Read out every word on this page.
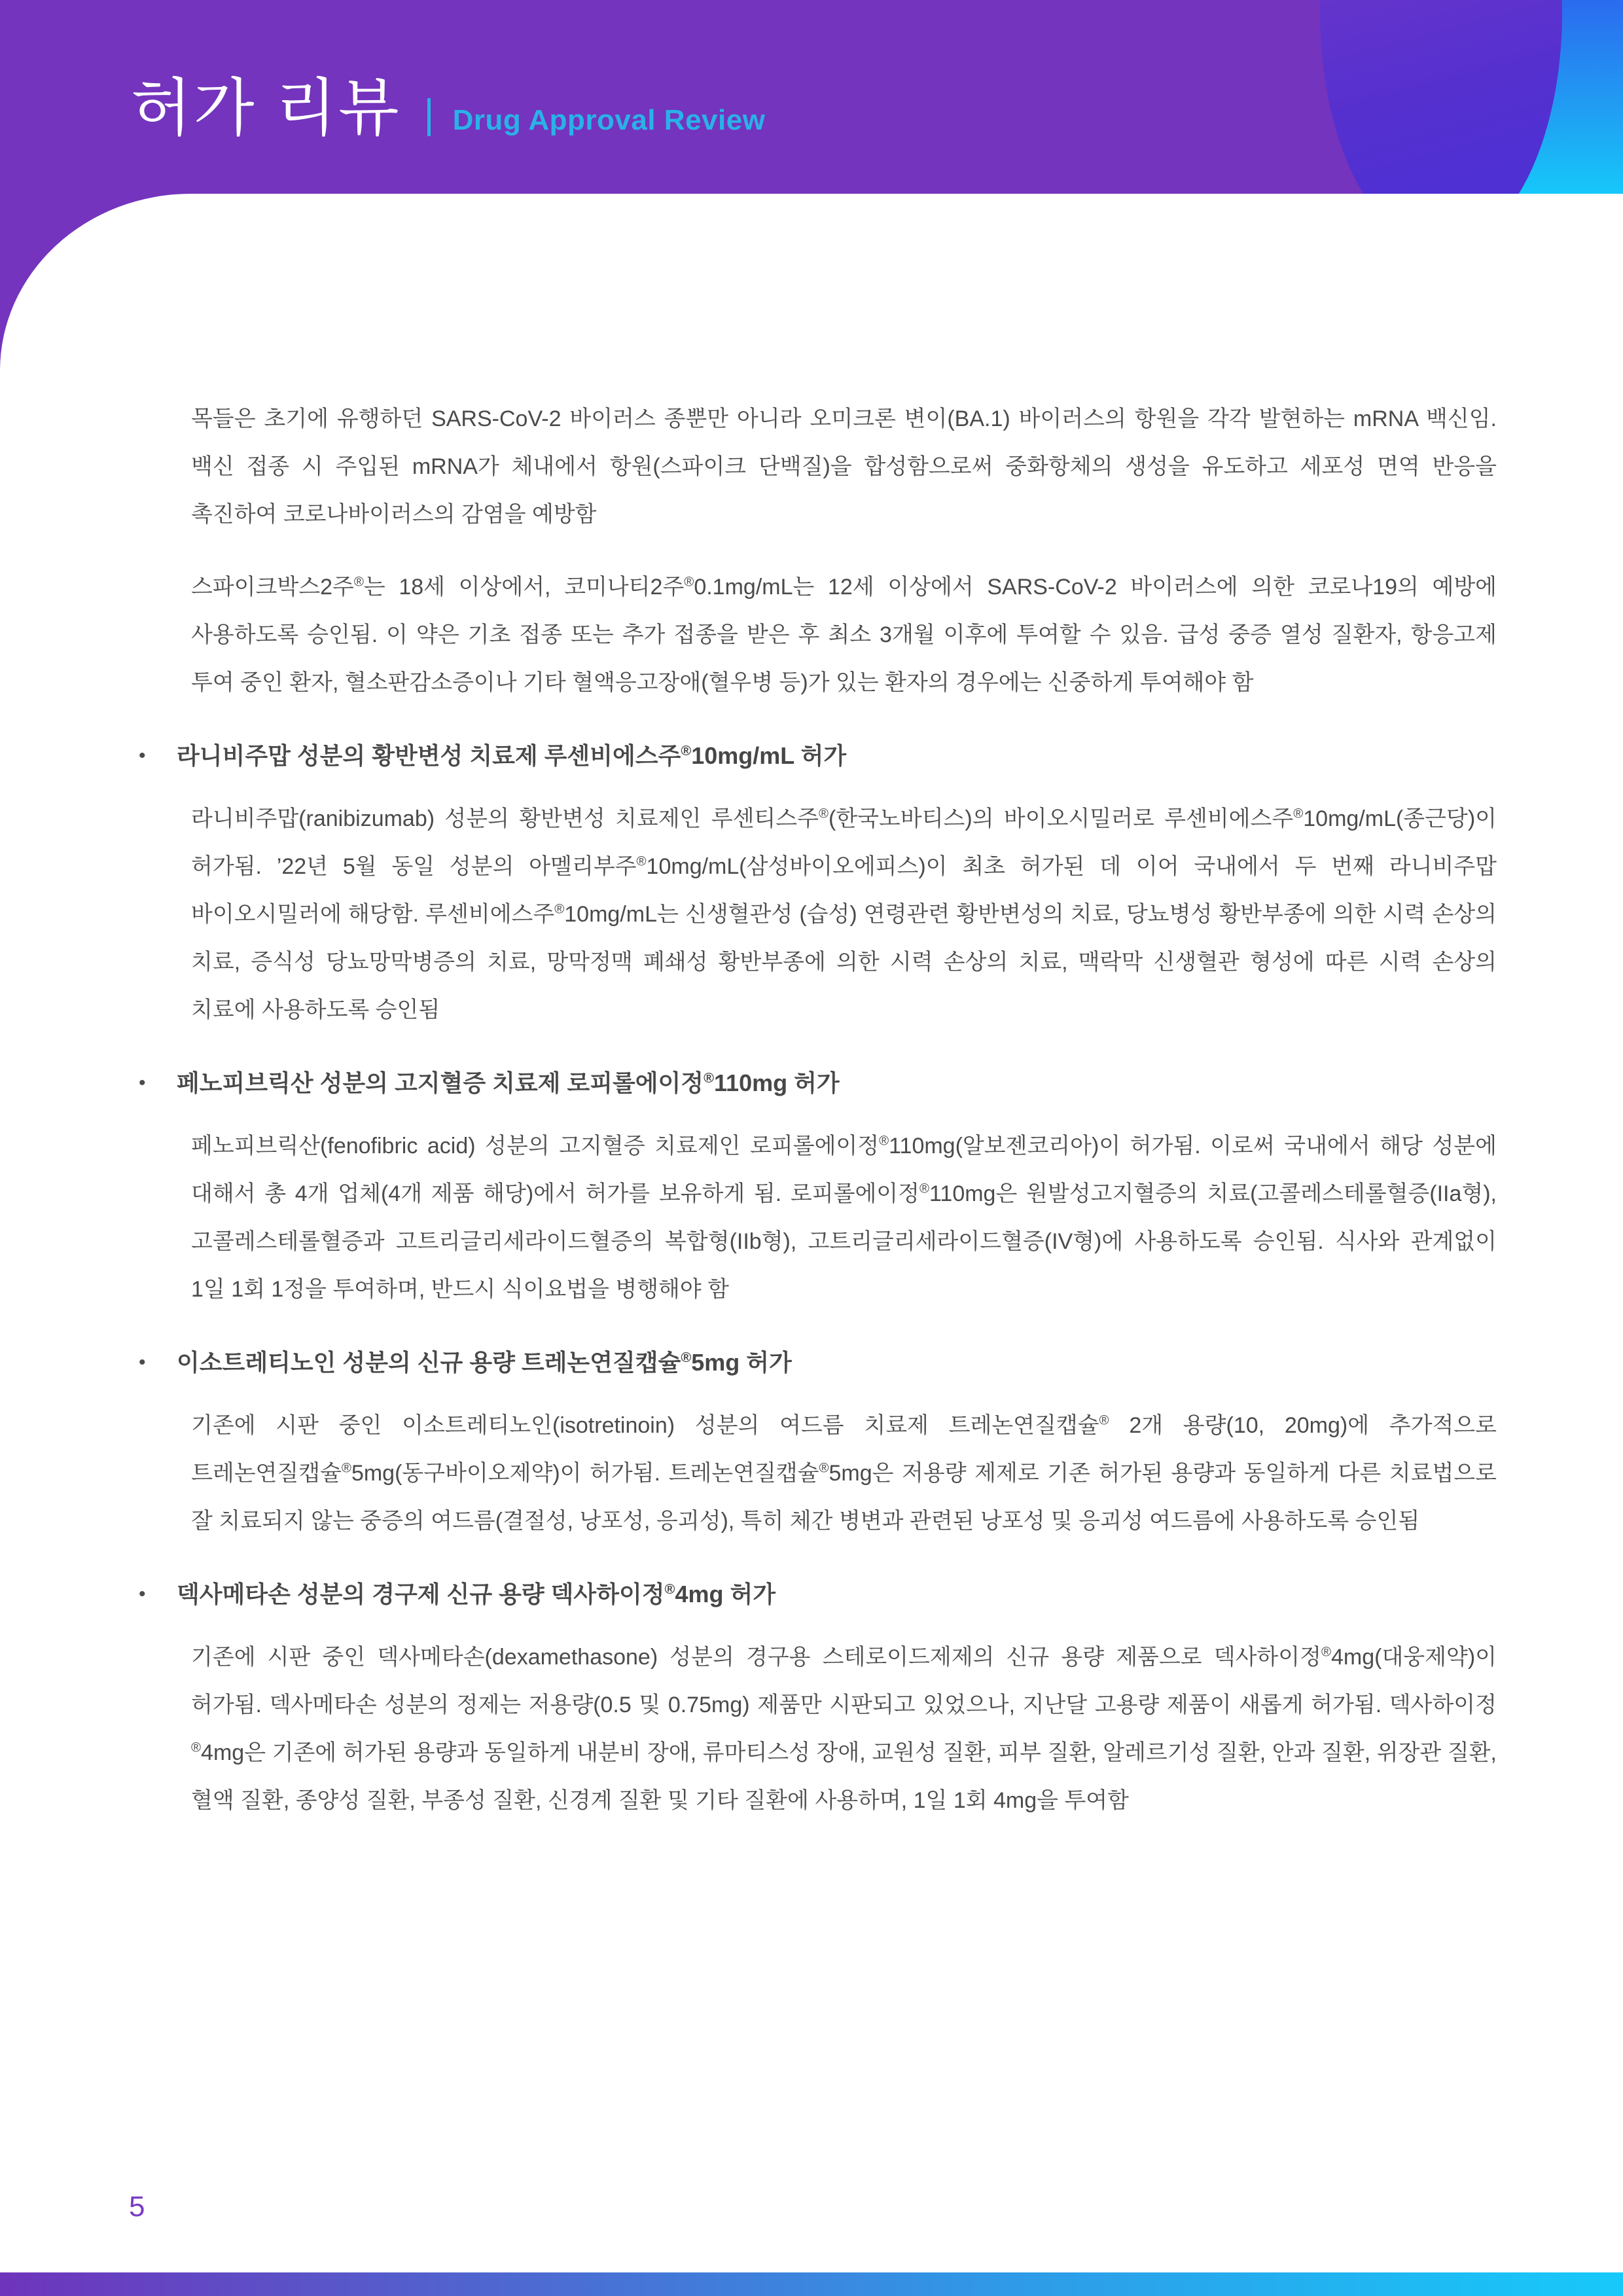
허가 리뷰 Drug Approval Review

목들은 초기에 유행하던 SARS-CoV-2 바이러스 종뿐만 아니라 오미크론 변이(BA.1) 바이러스의 항원을 각각 발현하는 mRNA 백신임. 백신 접종 시 주입된 mRNA가 체내에서 항원(스파이크 단백질)을 합성함으로써 중화항체의 생성을 유도하고 세포성 면역 반응을 촉진하여 코로나바이러스의 감염을 예방함

스파이크박스2주®는 18세 이상에서, 코미나티2주®0.1mg/mL는 12세 이상에서 SARS-CoV-2 바이러스에 의한 코로나19의 예방에 사용하도록 승인됨. 이 약은 기초 접종 또는 추가 접종을 받은 후 최소 3개월 이후에 투여할 수 있음. 급성 중증 열성 질환자, 항응고제 투여 중인 환자, 혈소판감소증이나 기타 혈액응고장애(혈우병 등)가 있는 환자의 경우에는 신중하게 투여해야 함

• 라니비주맙 성분의 황반변성 치료제 루센비에스주®10mg/mL 허가

라니비주맙(ranibizumab) 성분의 황반변성 치료제인 루센티스주®(한국노바티스)의 바이오시밀러로 루센비에스주®10mg/mL(종근당)이 허가됨. ’22년 5월 동일 성분의 아멜리부주®10mg/mL(삼성바이오에피스)이 최초 허가된 데 이어 국내에서 두 번째 라니비주맙 바이오시밀러에 해당함. 루센비에스주®10mg/mL는 신생혈관성 (습성) 연령관련 황반변성의 치료, 당뇨병성 황반부종에 의한 시력 손상의 치료, 증식성 당뇨망막병증의 치료, 망막정맥 폐쇄성 황반부종에 의한 시력 손상의 치료, 맥락막 신생혈관 형성에 따른 시력 손상의 치료에 사용하도록 승인됨

• 페노피브릭산 성분의 고지혈증 치료제 로피롤에이정®110mg 허가

페노피브릭산(fenofibric acid) 성분의 고지혈증 치료제인 로피롤에이정®110mg(알보젠코리아)이 허가됨. 이로써 국내에서 해당 성분에 대해서 총 4개 업체(4개 제품 해당)에서 허가를 보유하게 됨. 로피롤에이정®110mg은 원발성고지혈증의 치료(고콜레스테롤혈증(IIa형), 고콜레스테롤혈증과 고트리글리세라이드혈증의 복합형(IIb형), 고트리글리세라이드혈증(IV형)에 사용하도록 승인됨. 식사와 관계없이 1일 1회 1정을 투여하며, 반드시 식이요법을 병행해야 함

• 이소트레티노인 성분의 신규 용량 트레논연질캡슐®5mg 허가

기존에 시판 중인 이소트레티노인(isotretinoin) 성분의 여드름 치료제 트레논연질캡슐® 2개 용량(10, 20mg)에 추가적으로 트레논연질캡슐®5mg(동구바이오제약)이 허가됨. 트레논연질캡슐®5mg은 저용량 제제로 기존 허가된 용량과 동일하게 다른 치료법으로 잘 치료되지 않는 중증의 여드름(결절성, 낭포성, 응괴성), 특히 체간 병변과 관련된 낭포성 및 응괴성 여드름에 사용하도록 승인됨

• 덱사메타손 성분의 경구제 신규 용량 덱사하이정®4mg 허가

기존에 시판 중인 덱사메타손(dexamethasone) 성분의 경구용 스테로이드제제의 신규 용량 제품으로 덱사하이정®4mg(대웅제약)이 허가됨. 덱사메타손 성분의 정제는 저용량(0.5 및 0.75mg) 제품만 시판되고 있었으나, 지난달 고용량 제품이 새롭게 허가됨. 덱사하이정®4mg은 기존에 허가된 용량과 동일하게 내분비 장애, 류마티스성 장애, 교원성 질환, 피부 질환, 알레르기성 질환, 안과 질환, 위장관 질환, 혈액 질환, 종양성 질환, 부종성 질환, 신경계 질환 및 기타 질환에 사용하며, 1일 1회 4mg을 투여함

5
